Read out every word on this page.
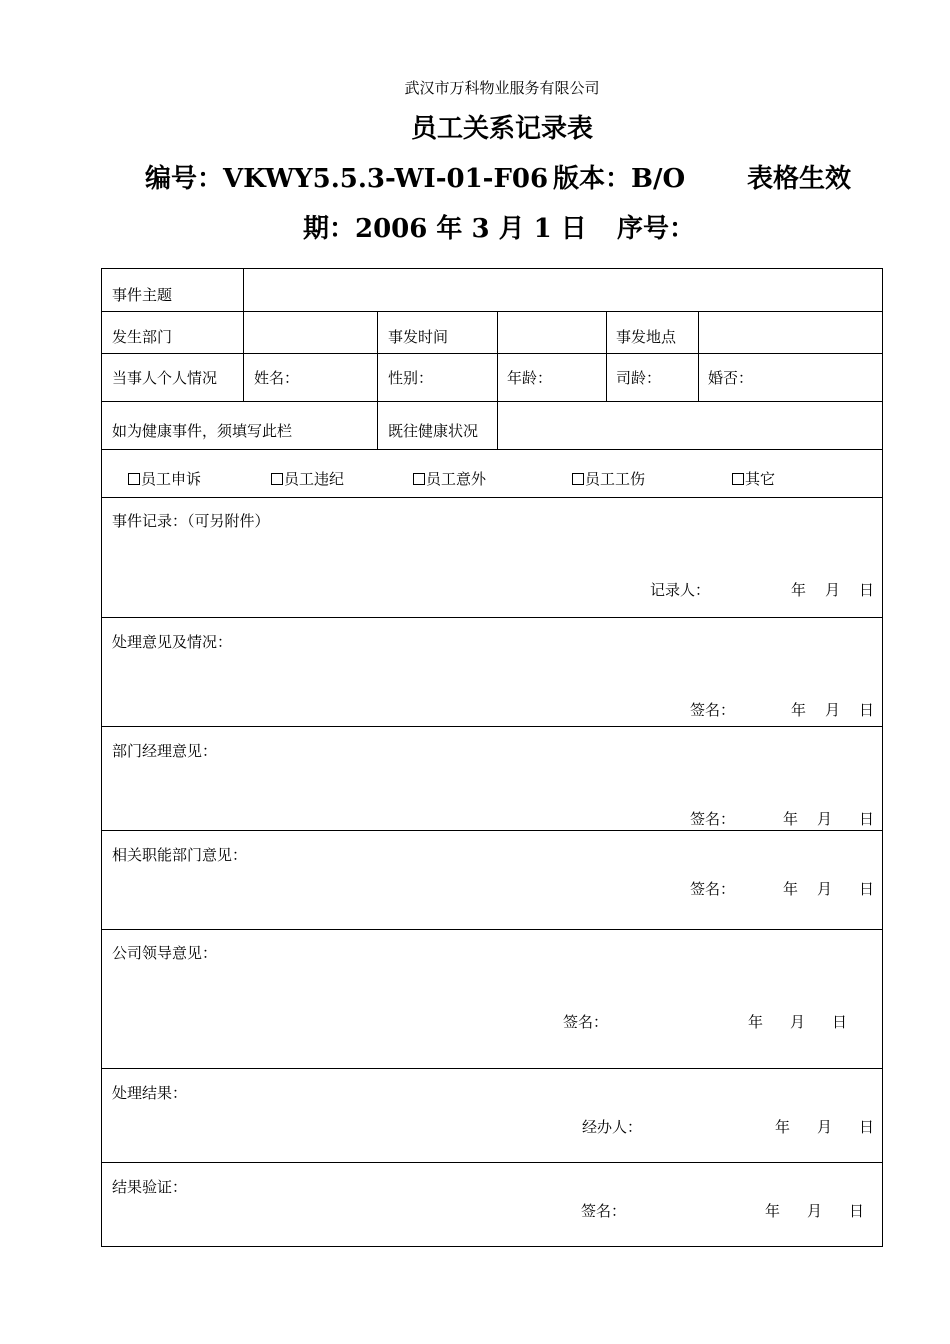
武汉市万科物业服务有限公司
员工关系记录表
编号：VKWY5.5.3-WI-01-F06 版本：B/O 表格生效
期：2006 年 3 月 1 日 序号：
事件主题
发生部门	事发时间	事发地点
当事人个人情况 姓名：	性别：	年龄：	司龄：	婚否：
如为健康事件，须填写此栏	既往健康状况
员工申诉	员工违纪	员工意外	员工工伤	其它
事件记录：（可另附件）
记录人：	年 月 日
处理意见及情况：
签名：	年 月 日
部门经理意见：
签名：	年 月 日
相关职能部门意见：
签名：	年 月 日
公司领导意见：
签名：	年 月 日
处理结果：
经办人：	年 月 日
结果验证：
签名：	年 月 日
